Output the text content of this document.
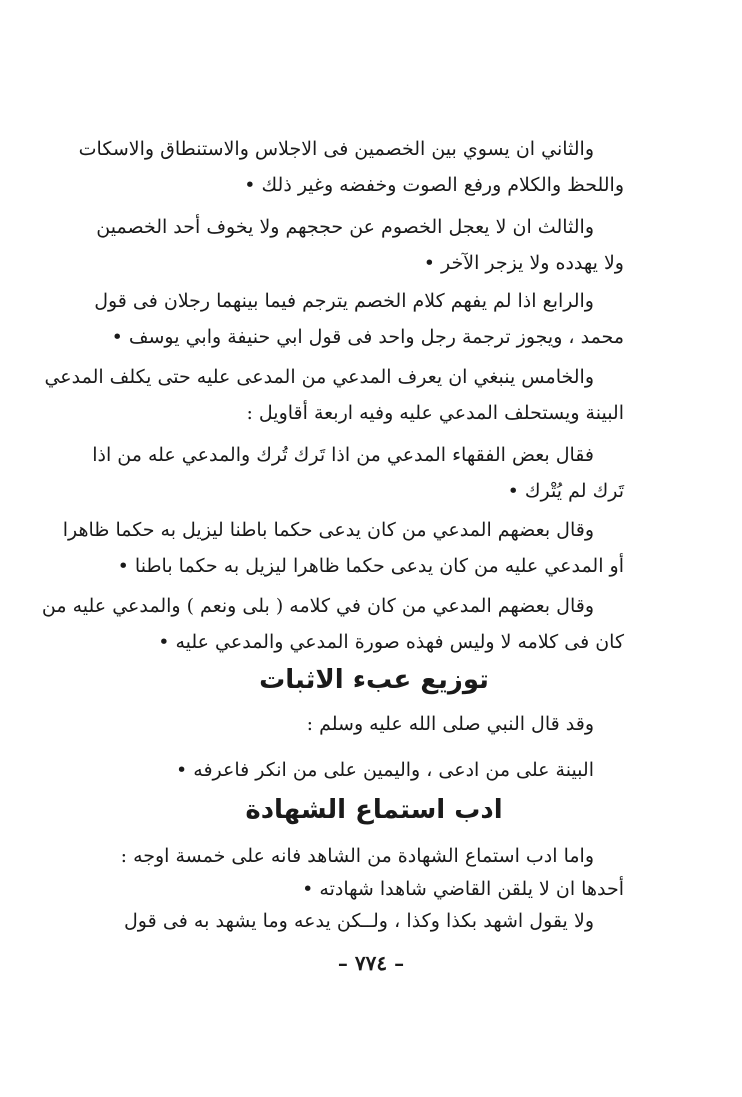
والثاني ان يسوي بين الخصمين فى الاجلاس والاستنطاق والاسكات
واللحظ والكلام ورفع الصوت وخفضه وغير ذلك •
والثالث ان لا يعجل الخصوم عن حججهم ولا يخوف أحد الخصمين
ولا يهدده ولا يزجر الآخر •
والرابع اذا لم يفهم كلام الخصم يترجم فيما بينهما رجلان فى قول
محمد ، ويجوز ترجمة رجل واحد فى قول ابي حنيفة وابي يوسف •
والخامس ينبغي ان يعرف المدعي من المدعى عليه حتى يكلف المدعي
البينة ويستحلف المدعي عليه وفيه اربعة أقاويل :
فقال بعض الفقهاء المدعي من اذا تَرك تُرك والمدعي عله من اذا
تَرك لم يُتْرك •
وقال بعضهم المدعي من كان يدعى حكما باطنا ليزيل به حكما ظاهرا
أو المدعي عليه من كان يدعى حكما ظاهرا ليزيل به حكما باطنا •
وقال بعضهم المدعي من كان في كلامه ( بلى ونعم ) والمدعي عليه من
كان فى كلامه لا وليس فهذه صورة المدعي والمدعي عليه •
توزيع عبء الاثبات
وقد قال النبي صلى الله عليه وسلم :
البينة على من ادعى ، واليمين على من انكر فاعرفه •
ادب استماع الشهادة
واما ادب استماع الشهادة من الشاهد فانه على خمسة اوجه :
أحدها ان لا يلقن القاضي شاهدا شهادته •
ولا يقول اشهد بكذا وكذا ، ولــكن يدعه وما يشهد به فى قول
– ٧٧٤ –
